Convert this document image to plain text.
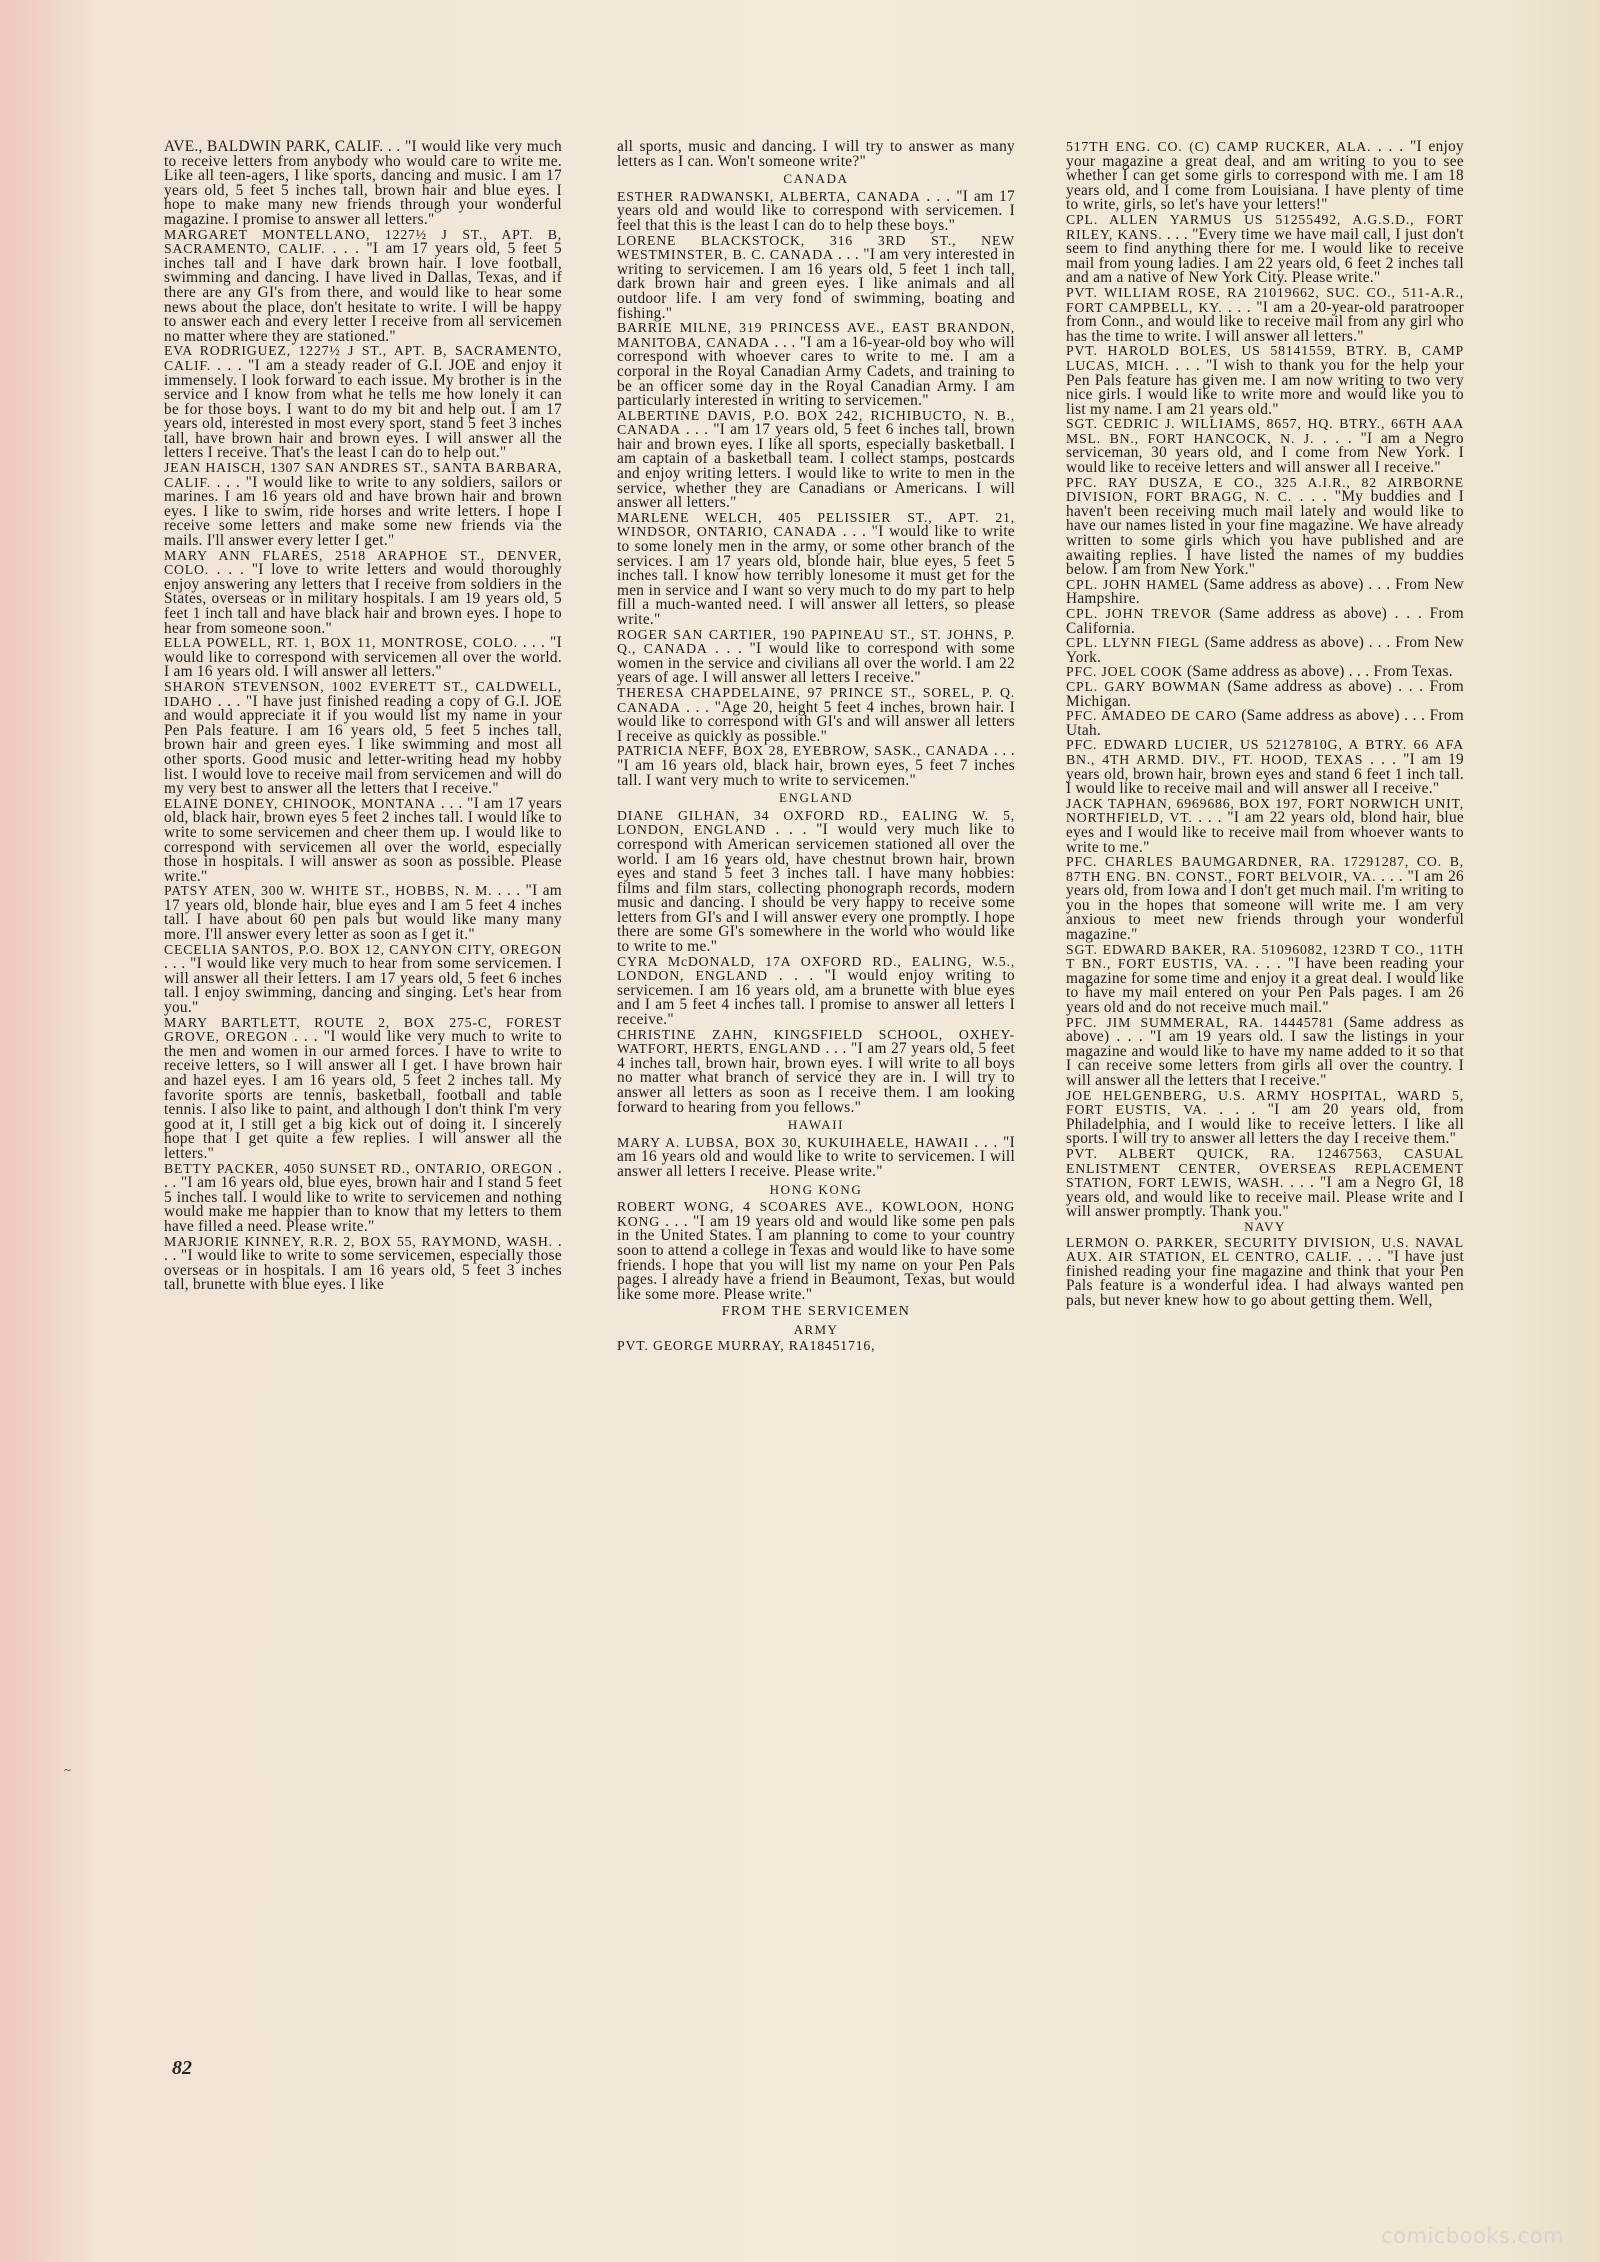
AVE., BALDWIN PARK, CALIF. . . "I would like very much to receive letters from anybody who would care to write me. Like all teen-agers, I like sports, dancing and music. I am 17 years old, 5 feet 5 inches tall, brown hair and blue eyes. I hope to make many new friends through your wonderful magazine. I promise to answer all letters."

MARGARET MONTELLANO, 1227½ J ST., APT. B, SACRAMENTO, CALIF. . . . "I am 17 years old, 5 feet 5 inches tall and I have dark brown hair. I love football, swimming and dancing. I have lived in Dallas, Texas, and if there are any GI's from there, and would like to hear some news about the place, don't hesitate to write. I will be happy to answer each and every letter I receive from all servicemen no matter where they are stationed."

EVA RODRIGUEZ, 1227½ J ST., APT. B, SACRAMENTO, CALIF. . . . "I am a steady reader of G.I. JOE and enjoy it immensely. I look forward to each issue. My brother is in the service and I know from what he tells me how lonely it can be for those boys. I want to do my bit and help out. I am 17 years old, interested in most every sport, stand 5 feet 3 inches tall, have brown hair and brown eyes. I will answer all the letters I receive. That's the least I can do to help out."

JEAN HAISCH, 1307 SAN ANDRES ST., SANTA BARBARA, CALIF. . . . "I would like to write to any soldiers, sailors or marines. I am 16 years old and have brown hair and brown eyes. I like to swim, ride horses and write letters. I hope I receive some letters and make some new friends via the mails. I'll answer every letter I get."

MARY ANN FLARES, 2518 ARAPHOE ST., DENVER, COLO. . . . "I love to write letters and would thoroughly enjoy answering any letters that I receive from soldiers in the States, overseas or in military hospitals. I am 19 years old, 5 feet 1 inch tall and have black hair and brown eyes. I hope to hear from someone soon."

ELLA POWELL, RT. 1, BOX 11, MONTROSE, COLO. . . . "I would like to correspond with servicemen all over the world. I am 16 years old. I will answer all letters."

SHARON STEVENSON, 1002 EVERETT ST., CALDWELL, IDAHO . . . "I have just finished reading a copy of G.I. JOE and would appreciate it if you would list my name in your Pen Pals feature. I am 16 years old, 5 feet 5 inches tall, brown hair and green eyes. I like swimming and most all other sports. Good music and letter-writing head my hobby list. I would love to receive mail from servicemen and will do my very best to answer all the letters that I receive."

ELAINE DONEY, CHINOOK, MONTANA . . . "I am 17 years old, black hair, brown eyes 5 feet 2 inches tall. I would like to write to some servicemen and cheer them up. I would like to correspond with servicemen all over the world, especially those in hospitals. I will answer as soon as possible. Please write."

PATSY ATEN, 300 W. WHITE ST., HOBBS, N. M. . . . "I am 17 years old, blonde hair, blue eyes and I am 5 feet 4 inches tall. I have about 60 pen pals but would like many many more. I'll answer every letter as soon as I get it."

CECELIA SANTOS, P.O. BOX 12, CANYON CITY, OREGON . . . "I would like very much to hear from some servicemen. I will answer all their letters. I am 17 years old, 5 feet 6 inches tall. I enjoy swimming, dancing and singing. Let's hear from you."

MARY BARTLETT, ROUTE 2, BOX 275-C, FOREST GROVE, OREGON . . . "I would like very much to write to the men and women in our armed forces. I have to write to receive letters, so I will answer all I get. I have brown hair and hazel eyes. I am 16 years old, 5 feet 2 inches tall. My favorite sports are tennis, basketball, football and table tennis. I also like to paint, and although I don't think I'm very good at it, I still get a big kick out of doing it. I sincerely hope that I get quite a few replies. I will answer all the letters."

BETTY PACKER, 4050 SUNSET RD., ONTARIO, OREGON . . . "I am 16 years old, blue eyes, brown hair and I stand 5 feet 5 inches tall. I would like to write to servicemen and nothing would make me happier than to know that my letters to them have filled a need. Please write."

MARJORIE KINNEY, R.R. 2, BOX 55, RAYMOND, WASH. . . . "I would like to write to some servicemen, especially those overseas or in hospitals. I am 16 years old, 5 feet 3 inches tall, brunette with blue eyes. I like

all sports, music and dancing. I will try to answer as many letters as I can. Won't someone write?"

CANADA

ESTHER RADWANSKI, ALBERTA, CANADA . . . "I am 17 years old and would like to correspond with servicemen. I feel that this is the least I can do to help these boys."

LORENE BLACKSTOCK, 316 3RD ST., NEW WESTMINSTER, B. C. CANADA . . . "I am very interested in writing to servicemen. I am 16 years old, 5 feet 1 inch tall, dark brown hair and green eyes. I like animals and all outdoor life. I am very fond of swimming, boating and fishing."

BARRIE MILNE, 319 PRINCESS AVE., EAST BRANDON, MANITOBA, CANADA . . . "I am a 16-year-old boy who will correspond with whoever cares to write to me. I am a corporal in the Royal Canadian Army Cadets, and training to be an officer some day in the Royal Canadian Army. I am particularly interested in writing to servicemen."

ALBERTINE DAVIS, P.O. BOX 242, RICHIBUCTO, N. B., CANADA . . . "I am 17 years old, 5 feet 6 inches tall, brown hair and brown eyes. I like all sports, especially basketball. I am captain of a basketball team. I collect stamps, postcards and enjoy writing letters. I would like to write to men in the service, whether they are Canadians or Americans. I will answer all letters."

MARLENE WELCH, 405 PELISSIER ST., APT. 21, WINDSOR, ONTARIO, CANADA . . . "I would like to write to some lonely men in the army, or some other branch of the services. I am 17 years old, blonde hair, blue eyes, 5 feet 5 inches tall. I know how terribly lonesome it must get for the men in service and I want so very much to do my part to help fill a much-wanted need. I will answer all letters, so please write."

ROGER SAN CARTIER, 190 PAPINEAU ST., ST. JOHNS, P. Q., CANADA . . . "I would like to correspond with some women in the service and civilians all over the world. I am 22 years of age. I will answer all letters I receive."

THERESA CHAPDELAINE, 97 PRINCE ST., SOREL, P. Q. CANADA . . . "Age 20, height 5 feet 4 inches, brown hair. I would like to correspond with GI's and will answer all letters I receive as quickly as possible."

PATRICIA NEFF, BOX 28, EYEBROW, SASK., CANADA . . . "I am 16 years old, black hair, brown eyes, 5 feet 7 inches tall. I want very much to write to servicemen."

ENGLAND

DIANE GILHAN, 34 OXFORD RD., EALING W. 5, LONDON, ENGLAND . . . "I would very much like to correspond with American servicemen stationed all over the world. I am 16 years old, have chestnut brown hair, brown eyes and stand 5 feet 3 inches tall. I have many hobbies: films and film stars, collecting phonograph records, modern music and dancing. I should be very happy to receive some letters from GI's and I will answer every one promptly. I hope there are some GI's somewhere in the world who would like to write to me."

CYRA McDONALD, 17A OXFORD RD., EALING, W.5., LONDON, ENGLAND . . . "I would enjoy writing to servicemen. I am 16 years old, am a brunette with blue eyes and I am 5 feet 4 inches tall. I promise to answer all letters I receive."

CHRISTINE ZAHN, KINGSFIELD SCHOOL, OXHEY-WATFORT, HERTS, ENGLAND . . . "I am 27 years old, 5 feet 4 inches tall, brown hair, brown eyes. I will write to all boys no matter what branch of service they are in. I will try to answer all letters as soon as I receive them. I am looking forward to hearing from you fellows."

HAWAII

MARY A. LUBSA, BOX 30, KUKUIHAELE, HAWAII . . . "I am 16 years old and would like to write to servicemen. I will answer all letters I receive. Please write."

HONG KONG

ROBERT WONG, 4 SCOARES AVE., KOWLOON, HONG KONG . . . "I am 19 years old and would like some pen pals in the United States. I am planning to come to your country soon to attend a college in Texas and would like to have some friends. I hope that you will list my name on your Pen Pals pages. I already have a friend in Beaumont, Texas, but would like some more. Please write."

FROM THE SERVICEMEN

ARMY

PVT. GEORGE MURRAY, RA18451716,

517TH ENG. CO. (C) CAMP RUCKER, ALA. . . . "I enjoy your magazine a great deal, and am writing to you to see whether I can get some girls to correspond with me. I am 18 years old, and I come from Louisiana. I have plenty of time to write, girls, so let's have your letters!"

CPL. ALLEN YARMUS US 51255492, A.G.S.D., FORT RILEY, KANS. . . . "Every time we have mail call, I just don't seem to find anything there for me. I would like to receive mail from young ladies. I am 22 years old, 6 feet 2 inches tall and am a native of New York City. Please write."

PVT. WILLIAM ROSE, RA 21019662, SUC. CO., 511-A.R., FORT CAMPBELL, KY. . . . "I am a 20-year-old paratrooper from Conn., and would like to receive mail from any girl who has the time to write. I will answer all letters."

PVT. HAROLD BOLES, US 58141559, BTRY. B, CAMP LUCAS, MICH. . . . "I wish to thank you for the help your Pen Pals feature has given me. I am now writing to two very nice girls. I would like to write more and would like you to list my name. I am 21 years old."

SGT. CEDRIC J. WILLIAMS, 8657, HQ. BTRY., 66TH AAA MSL. BN., FORT HANCOCK, N. J. . . . "I am a Negro serviceman, 30 years old, and I come from New York. I would like to receive letters and will answer all I receive."

PFC. RAY DUSZA, E CO., 325 A.I.R., 82 AIRBORNE DIVISION, FORT BRAGG, N. C. . . . "My buddies and I haven't been receiving much mail lately and would like to have our names listed in your fine magazine. We have already written to some girls which you have published and are awaiting replies. I have listed the names of my buddies below. I am from New York."

CPL. JOHN HAMEL (Same address as above) . . . From New Hampshire.

CPL. JOHN TREVOR (Same address as above) . . . From California.

CPL. LLYNN FIEGL (Same address as above) . . . From New York.

PFC. JOEL COOK (Same address as above) . . . From Texas.

CPL. GARY BOWMAN (Same address as above) . . . From Michigan.

PFC. AMADEO DE CARO (Same address as above) . . . From Utah.

PFC. EDWARD LUCIER, US 52127810G, A BTRY. 66 AFA BN., 4TH ARMD. DIV., FT. HOOD, TEXAS . . . "I am 19 years old, brown hair, brown eyes and stand 6 feet 1 inch tall. I would like to receive mail and will answer all I receive."

JACK TAPHAN, 6969686, BOX 197, FORT NORWICH UNIT, NORTHFIELD, VT. . . . "I am 22 years old, blond hair, blue eyes and I would like to receive mail from whoever wants to write to me."

PFC. CHARLES BAUMGARDNER, RA. 17291287, CO. B, 87TH ENG. BN. CONST., FORT BELVOIR, VA. . . . "I am 26 years old, from Iowa and I don't get much mail. I'm writing to you in the hopes that someone will write me. I am very anxious to meet new friends through your wonderful magazine."

SGT. EDWARD BAKER, RA. 51096082, 123RD T CO., 11TH T BN., FORT EUSTIS, VA. . . . "I have been reading your magazine for some time and enjoy it a great deal. I would like to have my mail entered on your Pen Pals pages. I am 26 years old and do not receive much mail."

PFC. JIM SUMMERAL, RA. 14445781 (Same address as above) . . . "I am 19 years old. I saw the listings in your magazine and would like to have my name added to it so that I can receive some letters from girls all over the country. I will answer all the letters that I receive."

JOE HELGENBERG, U.S. ARMY HOSPITAL, WARD 5, FORT EUSTIS, VA. . . . "I am 20 years old, from Philadelphia, and I would like to receive letters. I like all sports. I will try to answer all letters the day I receive them."

PVT. ALBERT QUICK, RA. 12467563, CASUAL ENLISTMENT CENTER, OVERSEAS REPLACEMENT STATION, FORT LEWIS, WASH. . . . "I am a Negro GI, 18 years old, and would like to receive mail. Please write and I will answer promptly. Thank you."

NAVY

LERMON O. PARKER, SECURITY DIVISION, U.S. NAVAL AUX. AIR STATION, EL CENTRO, CALIF. . . . "I have just finished reading your fine magazine and think that your Pen Pals feature is a wonderful idea. I had always wanted pen pals, but never knew how to go about getting them. Well,

82
comicbooks.com
~
